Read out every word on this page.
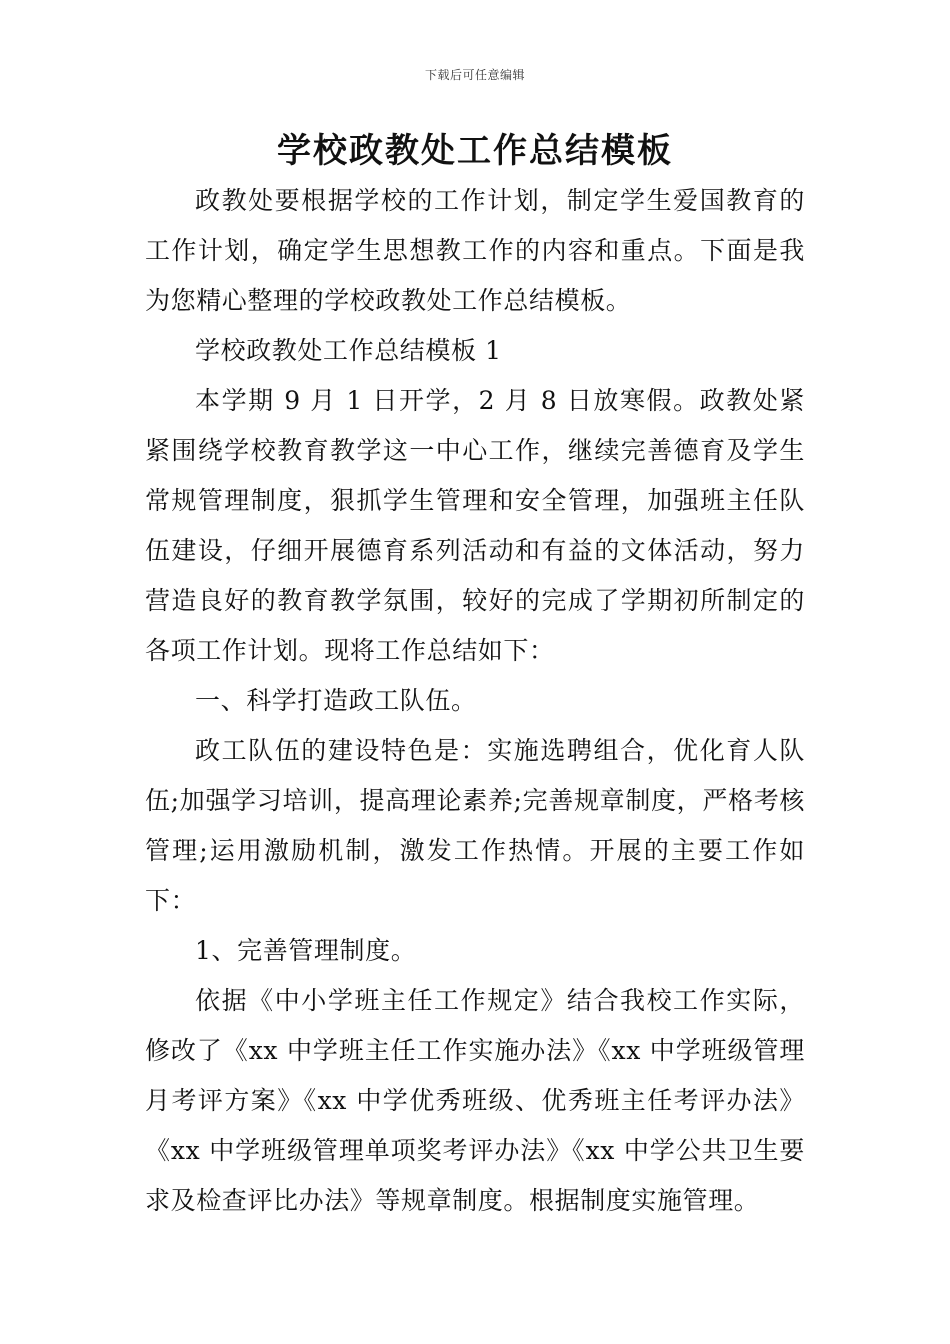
下载后可任意编辑
学校政教处工作总结模板

政教处要根据学校的工作计划，制定学生爱国教育的工作计划，确定学生思想教工作的内容和重点。下面是我为您精心整理的学校政教处工作总结模板。

学校政教处工作总结模板 1

本学期 9 月 1 日开学，2 月 8 日放寒假。政教处紧紧围绕学校教育教学这一中心工作，继续完善德育及学生常规管理制度，狠抓学生管理和安全管理，加强班主任队伍建设，仔细开展德育系列活动和有益的文体活动，努力营造良好的教育教学氛围，较好的完成了学期初所制定的各项工作计划。现将工作总结如下：

一、科学打造政工队伍。

政工队伍的建设特色是：实施选聘组合，优化育人队伍;加强学习培训，提高理论素养;完善规章制度，严格考核管理;运用激励机制，激发工作热情。开展的主要工作如下：

1、完善管理制度。

依据《中小学班主任工作规定》结合我校工作实际，修改了《xx 中学班主任工作实施办法》《xx 中学班级管理月考评方案》《xx 中学优秀班级、优秀班主任考评办法》《xx 中学班级管理单项奖考评办法》《xx 中学公共卫生要求及检查评比办法》等规章制度。根据制度实施管理。
